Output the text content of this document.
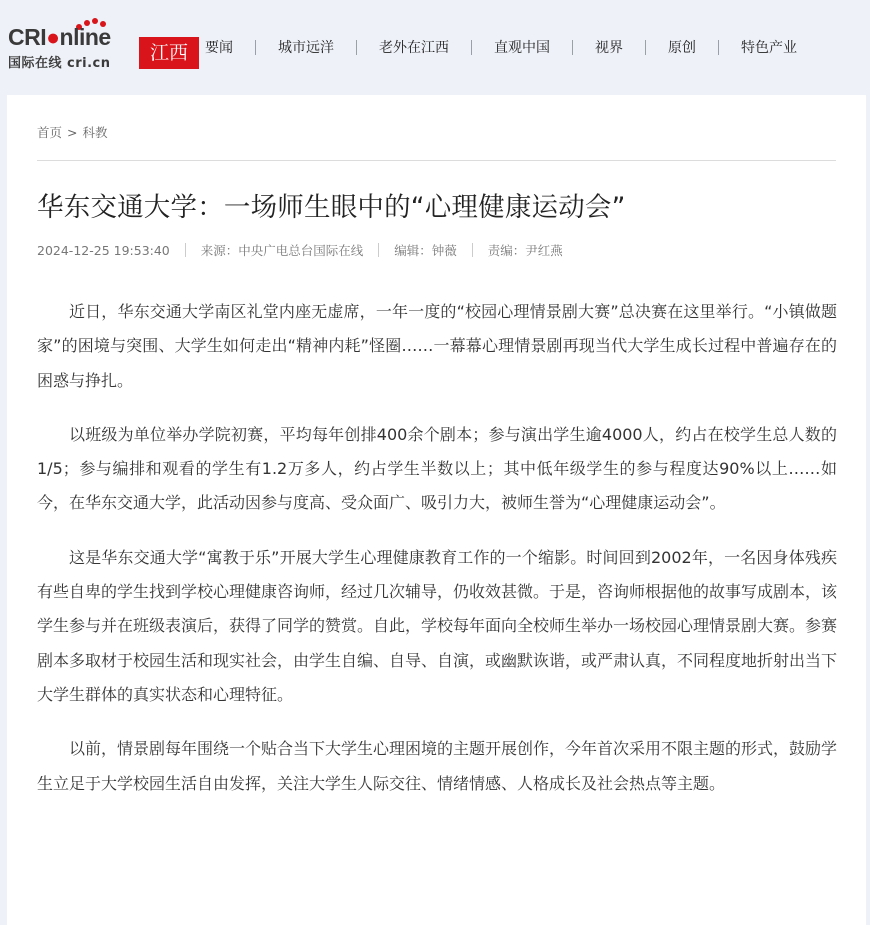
CRI●nline
国际在线 cri.cn	江西	要闻	城市远洋	老外在江西	直观中国	视界	原创	特色产业
首页 > 科教
华东交通大学：一场师生眼中的“心理健康运动会”
2024-12-25 19:53:40 来源：中央广电总台国际在线 编辑：钟薇 责编：尹红燕

近日，华东交通大学南区礼堂内座无虚席，一年一度的“校园心理情景剧大赛”总决赛在这里举行。“小镇做题家”的困境与突围、大学生如何走出“精神内耗”怪圈……一幕幕心理情景剧再现当代大学生成长过程中普遍存在的困惑与挣扎。

以班级为单位举办学院初赛，平均每年创排400余个剧本；参与演出学生逾4000人，约占在校学生总人数的1/5；参与编排和观看的学生有1.2万多人，约占学生半数以上；其中低年级学生的参与程度达90%以上……如今，在华东交通大学，此活动因参与度高、受众面广、吸引力大，被师生誉为“心理健康运动会”。

这是华东交通大学“寓教于乐”开展大学生心理健康教育工作的一个缩影。时间回到2002年，一名因身体残疾有些自卑的学生找到学校心理健康咨询师，经过几次辅导，仍收效甚微。于是，咨询师根据他的故事写成剧本，该学生参与并在班级表演后，获得了同学的赞赏。自此，学校每年面向全校师生举办一场校园心理情景剧大赛。参赛剧本多取材于校园生活和现实社会，由学生自编、自导、自演，或幽默诙谐，或严肃认真，不同程度地折射出当下大学生群体的真实状态和心理特征。

以前，情景剧每年围绕一个贴合当下大学生心理困境的主题开展创作，今年首次采用不限主题的形式，鼓励学生立足于大学校园生活自由发挥，关注大学生人际交往、情绪情感、人格成长及社会热点等主题。
